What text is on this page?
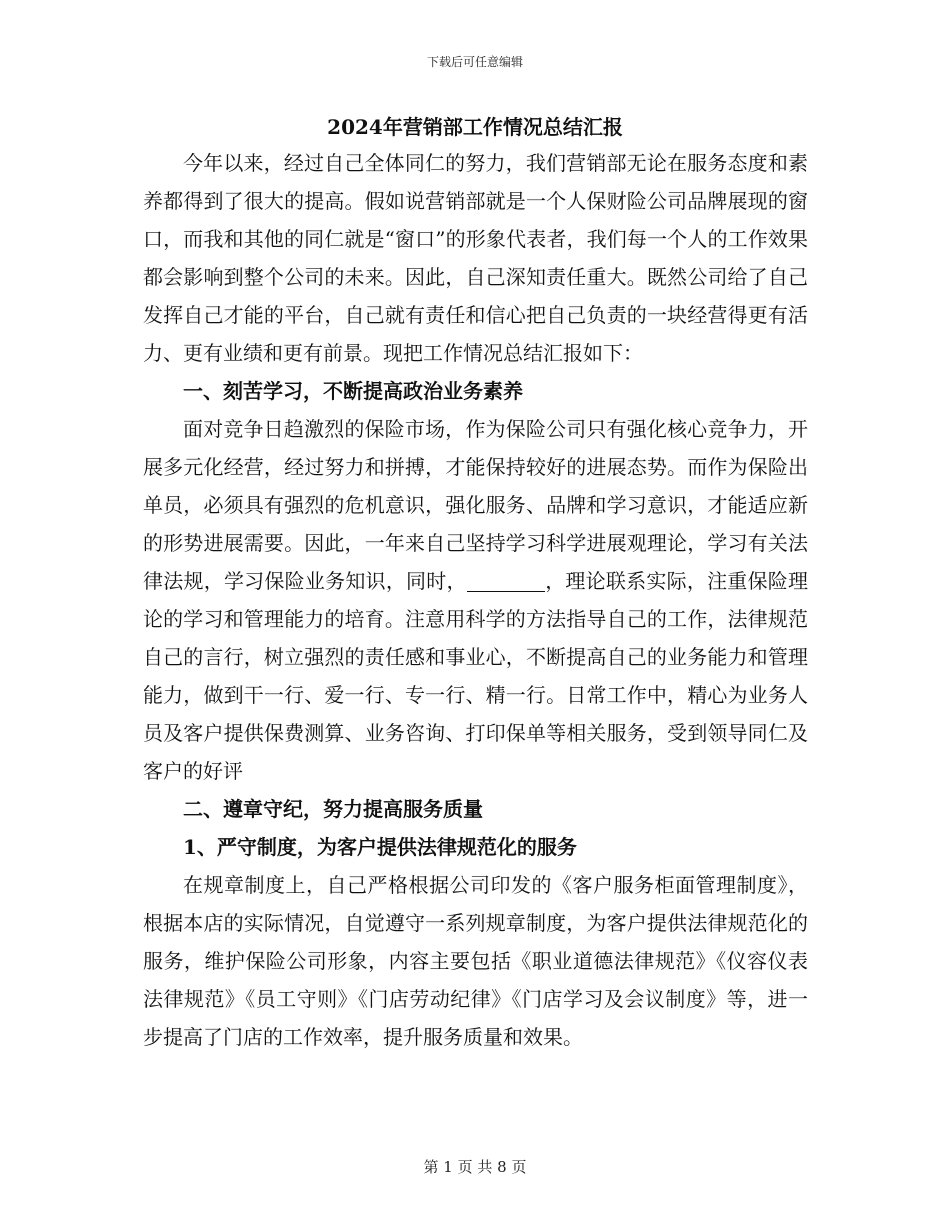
下载后可任意编辑
2024年营销部工作情况总结汇报

今年以来，经过自己全体同仁的努力，我们营销部无论在服务态度和素养都得到了很大的提高。假如说营销部就是一个人保财险公司品牌展现的窗口，而我和其他的同仁就是“窗口”的形象代表者，我们每一个人的工作效果都会影响到整个公司的未来。因此，自己深知责任重大。既然公司给了自己发挥自己才能的平台，自己就有责任和信心把自己负责的一块经营得更有活力、更有业绩和更有前景。现把工作情况总结汇报如下：

一、刻苦学习，不断提高政治业务素养

面对竞争日趋激烈的保险市场，作为保险公司只有强化核心竞争力，开展多元化经营，经过努力和拼搏，才能保持较好的进展态势。而作为保险出单员，必须具有强烈的危机意识，强化服务、品牌和学习意识，才能适应新的形势进展需要。因此，一年来自己坚持学习科学进展观理论，学习有关法律法规，学习保险业务知识，同时，   	，理论联系实际，注重保险理论的学习和管理能力的培育。注意用科学的方法指导自己的工作，法律规范自己的言行，树立强烈的责任感和事业心，不断提高自己的业务能力和管理能力，做到干一行、爱一行、专一行、精一行。日常工作中，精心为业务人员及客户提供保费测算、业务咨询、打印保单等相关服务，受到领导同仁及客户的好评

二、遵章守纪，努力提高服务质量
1、严守制度，为客户提供法律规范化的服务

在规章制度上，自己严格根据公司印发的《客户服务柜面管理制度》，根据本店的实际情况，自觉遵守一系列规章制度，为客户提供法律规范化的服务，维护保险公司形象，内容主要包括《职业道德法律规范》《仪容仪表法律规范》《员工守则》《门店劳动纪律》《门店学习及会议制度》等，进一步提高了门店的工作效率，提升服务质量和效果。

第 1 页 共 8 页
